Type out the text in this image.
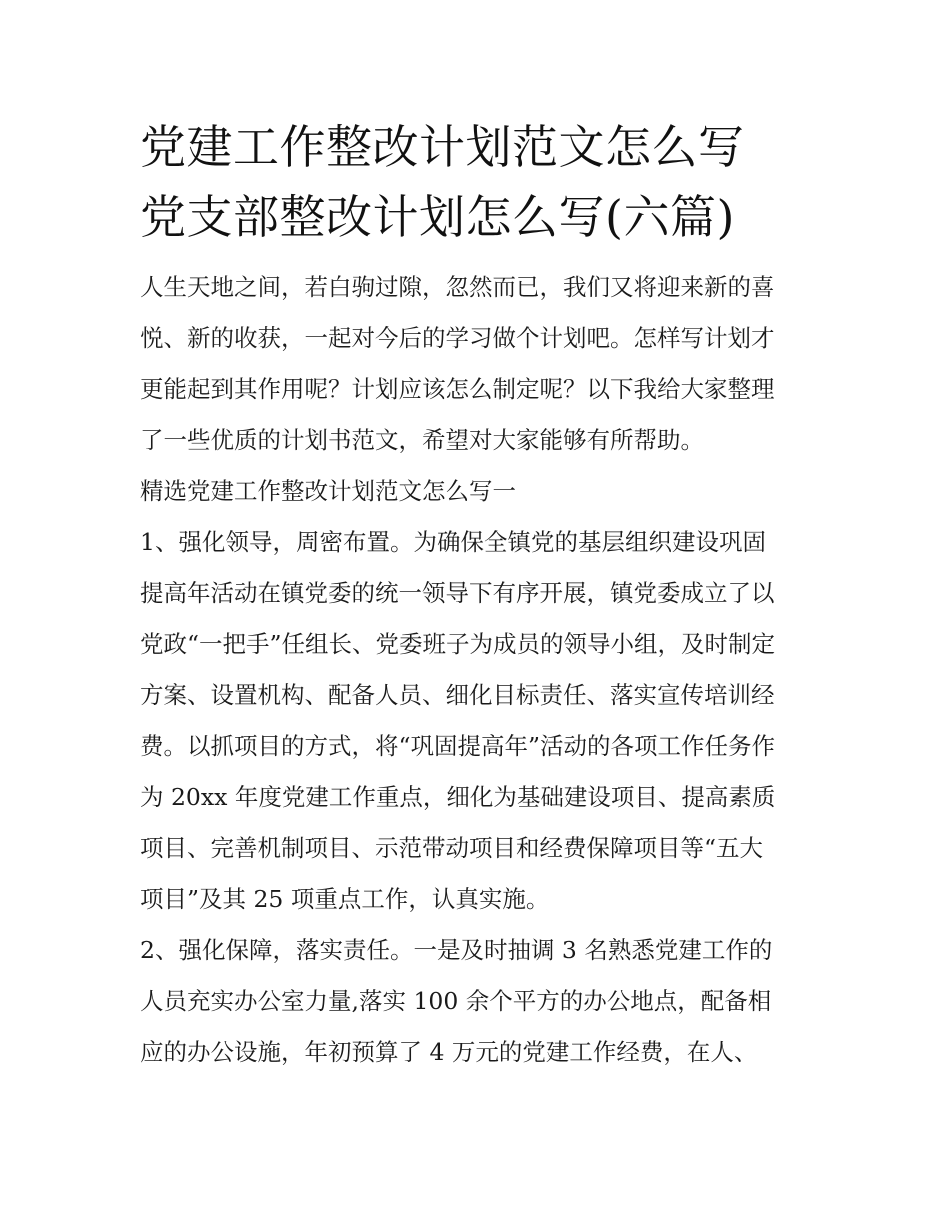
党建工作整改计划范文怎么写
党支部整改计划怎么写(六篇)

人生天地之间，若白驹过隙，忽然而已，我们又将迎来新的喜
悦、新的收获，一起对今后的学习做个计划吧。怎样写计划才
更能起到其作用呢？计划应该怎么制定呢？以下我给大家整理
了一些优质的计划书范文，希望对大家能够有所帮助。

精选党建工作整改计划范文怎么写一

1、强化领导，周密布置。为确保全镇党的基层组织建设巩固
提高年活动在镇党委的统一领导下有序开展，镇党委成立了以
党政“一把手”任组长、党委班子为成员的领导小组，及时制定
方案、设置机构、配备人员、细化目标责任、落实宣传培训经
费。以抓项目的方式，将“巩固提高年”活动的各项工作任务作
为 20xx 年度党建工作重点，细化为基础建设项目、提高素质
项目、完善机制项目、示范带动项目和经费保障项目等“五大
项目”及其 25 项重点工作，认真实施。

2、强化保障，落实责任。一是及时抽调 3 名熟悉党建工作的
人员充实办公室力量,落实 100 余个平方的办公地点，配备相
应的办公设施，年初预算了 4 万元的党建工作经费，在人、
